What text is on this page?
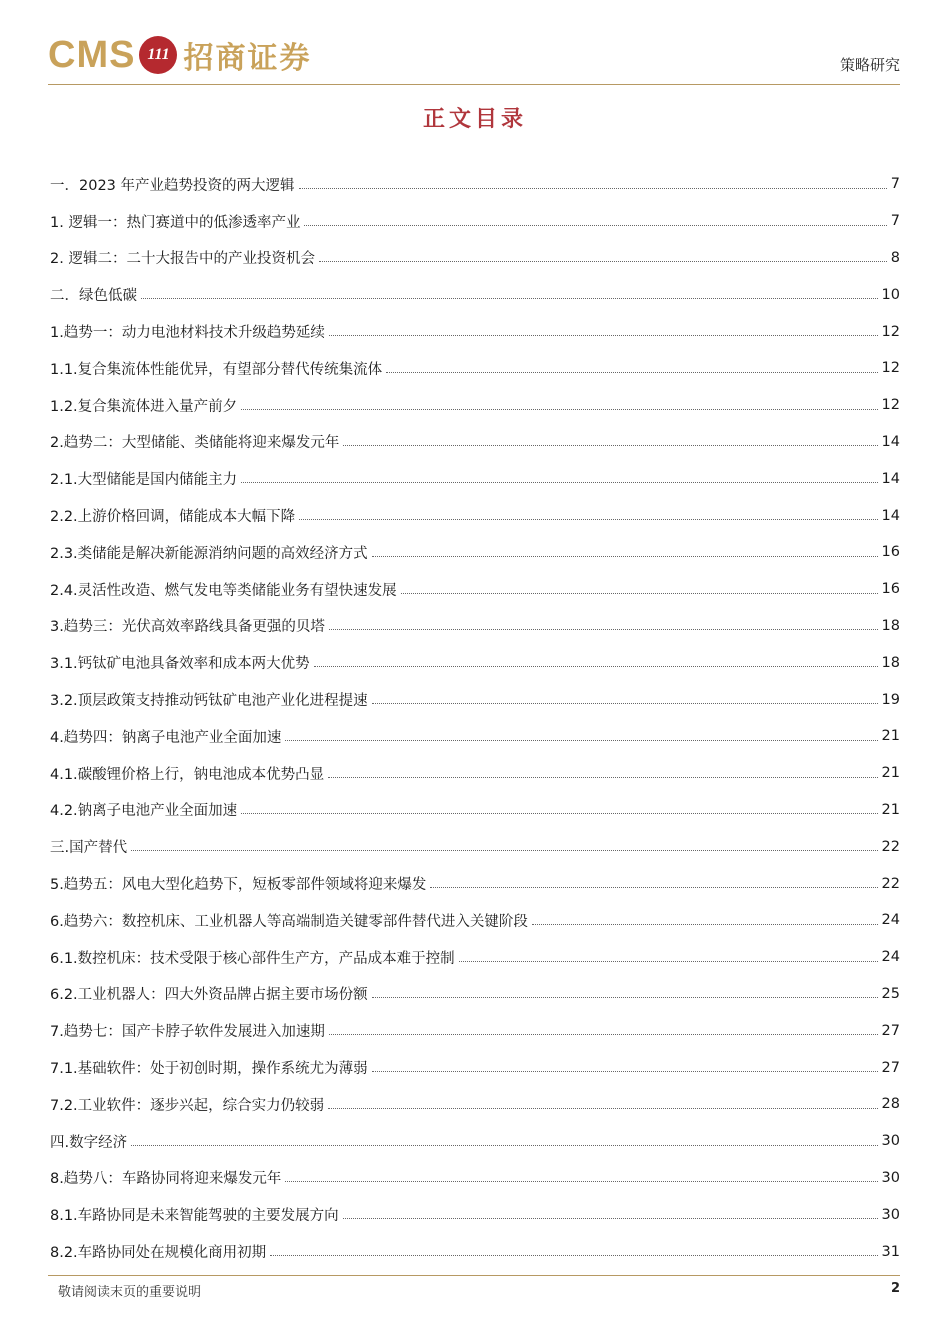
CMS 111 招商证券	策略研究
正文目录
一．2023 年产业趋势投资的两大逻辑	7
1. 逻辑一：热门赛道中的低渗透率产业	7
2. 逻辑二：二十大报告中的产业投资机会	8
二．绿色低碳	10
1.趋势一：动力电池材料技术升级趋势延续	12
1.1.复合集流体性能优异，有望部分替代传统集流体	12
1.2.复合集流体进入量产前夕	12
2.趋势二：大型储能、类储能将迎来爆发元年	14
2.1.大型储能是国内储能主力	14
2.2.上游价格回调，储能成本大幅下降	14
2.3.类储能是解决新能源消纳问题的高效经济方式	16
2.4.灵活性改造、燃气发电等类储能业务有望快速发展	16
3.趋势三：光伏高效率路线具备更强的贝塔	18
3.1.钙钛矿电池具备效率和成本两大优势	18
3.2.顶层政策支持推动钙钛矿电池产业化进程提速	19
4.趋势四：钠离子电池产业全面加速	21
4.1.碳酸锂价格上行，钠电池成本优势凸显	21
4.2.钠离子电池产业全面加速	21
三.国产替代	22
5.趋势五：风电大型化趋势下，短板零部件领域将迎来爆发	22
6.趋势六：数控机床、工业机器人等高端制造关键零部件替代进入关键阶段	24
6.1.数控机床：技术受限于核心部件生产方，产品成本难于控制	24
6.2.工业机器人：四大外资品牌占据主要市场份额	25
7.趋势七：国产卡脖子软件发展进入加速期	27
7.1.基础软件：处于初创时期，操作系统尤为薄弱	27
7.2.工业软件：逐步兴起，综合实力仍较弱	28
四.数字经济	30
8.趋势八：车路协同将迎来爆发元年	30
8.1.车路协同是未来智能驾驶的主要发展方向	30
8.2.车路协同处在规模化商用初期	31
敬请阅读末页的重要说明	2
